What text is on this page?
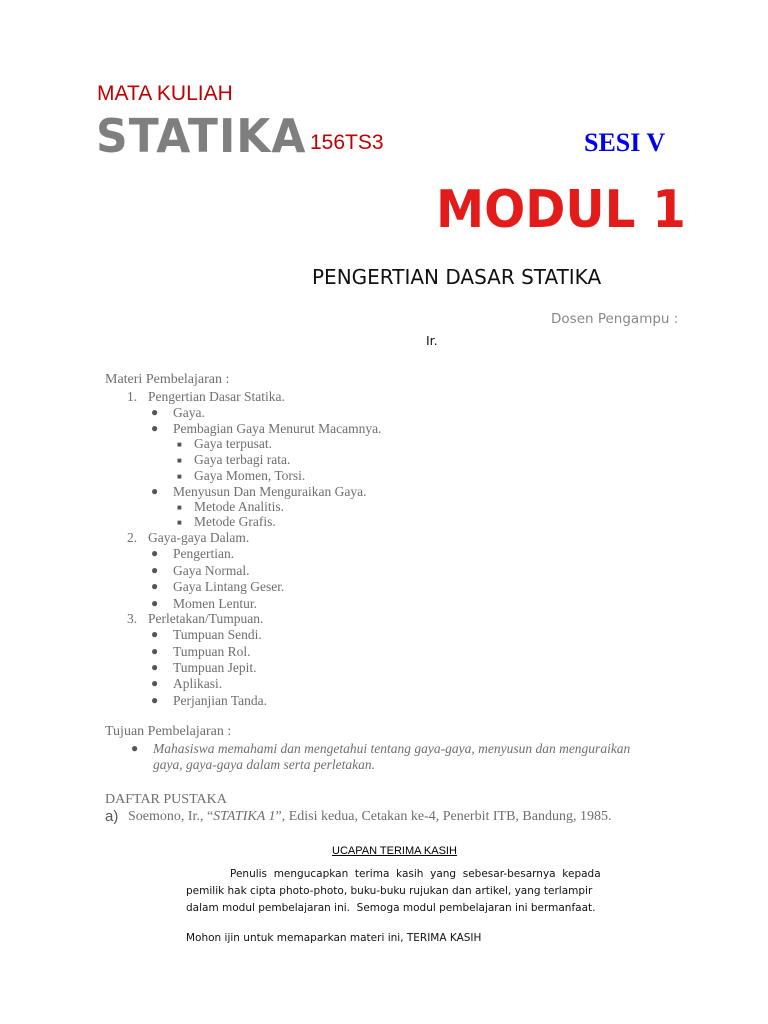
MATA KULIAH
STATIKA 156TS3	SESI V
MODUL 1
PENGERTIAN DASAR STATIKA
Dosen Pengampu :
Ir.
Materi Pembelajaran :
1. Pengertian Dasar Statika.
● Gaya.
● Pembagian Gaya Menurut Macamnya.
■ Gaya terpusat.
■ Gaya terbagi rata.
■ Gaya Momen, Torsi.
● Menyusun Dan Menguraikan Gaya.
■ Metode Analitis.
■ Metode Grafis.
2. Gaya-gaya Dalam.
● Pengertian.
● Gaya Normal.
● Gaya Lintang Geser.
● Momen Lentur.
3. Perletakan/Tumpuan.
● Tumpuan Sendi.
● Tumpuan Rol.
● Tumpuan Jepit.
● Aplikasi.
● Perjanjian Tanda.
Tujuan Pembelajaran :
● Mahasiswa memahami dan mengetahui tentang gaya-gaya, menyusun dan menguraikan
gaya, gaya-gaya dalam serta perletakan.
DAFTAR PUSTAKA
a) Soemono, Ir., “STATIKA 1”, Edisi kedua, Cetakan ke-4, Penerbit ITB, Bandung, 1985.
UCAPAN TERIMA KASIH
Penulis  mengucapkan  terima  kasih  yang  sebesar-besarnya  kepada
pemilik hak cipta photo-photo, buku-buku rujukan dan artikel, yang terlampir
dalam modul pembelajaran ini.  Semoga modul pembelajaran ini bermanfaat.
Mohon ijin untuk memaparkan materi ini, TERIMA KASIH
